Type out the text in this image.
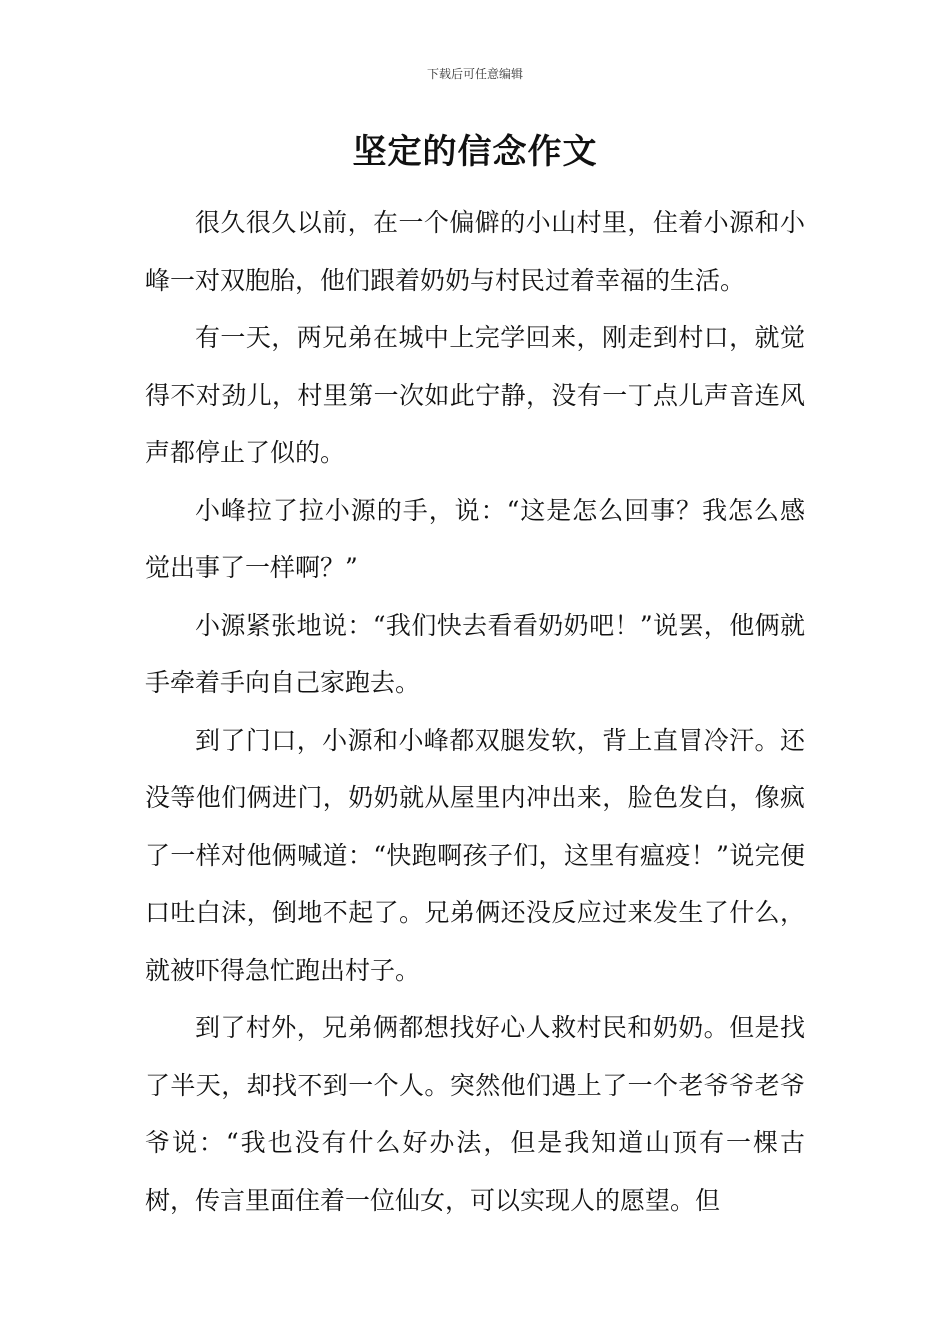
下载后可任意编辑
坚定的信念作文

很久很久以前，在一个偏僻的小山村里，住着小源和小峰一对双胞胎，他们跟着奶奶与村民过着幸福的生活。

有一天，两兄弟在城中上完学回来，刚走到村口，就觉得不对劲儿，村里第一次如此宁静，没有一丁点儿声音连风声都停止了似的。

小峰拉了拉小源的手，说：“这是怎么回事？我怎么感觉出事了一样啊？”

小源紧张地说：“我们快去看看奶奶吧！”说罢，他俩就手牵着手向自己家跑去。

到了门口，小源和小峰都双腿发软，背上直冒冷汗。还没等他们俩进门，奶奶就从屋里内冲出来，脸色发白，像疯了一样对他俩喊道：“快跑啊孩子们，这里有瘟疫！”说完便口吐白沫，倒地不起了。兄弟俩还没反应过来发生了什么，就被吓得急忙跑出村子。

到了村外，兄弟俩都想找好心人救村民和奶奶。但是找了半天，却找不到一个人。突然他们遇上了一个老爷爷老爷爷说：“我也没有什么好办法，但是我知道山顶有一棵古树，传言里面住着一位仙女，可以实现人的愿望。但
